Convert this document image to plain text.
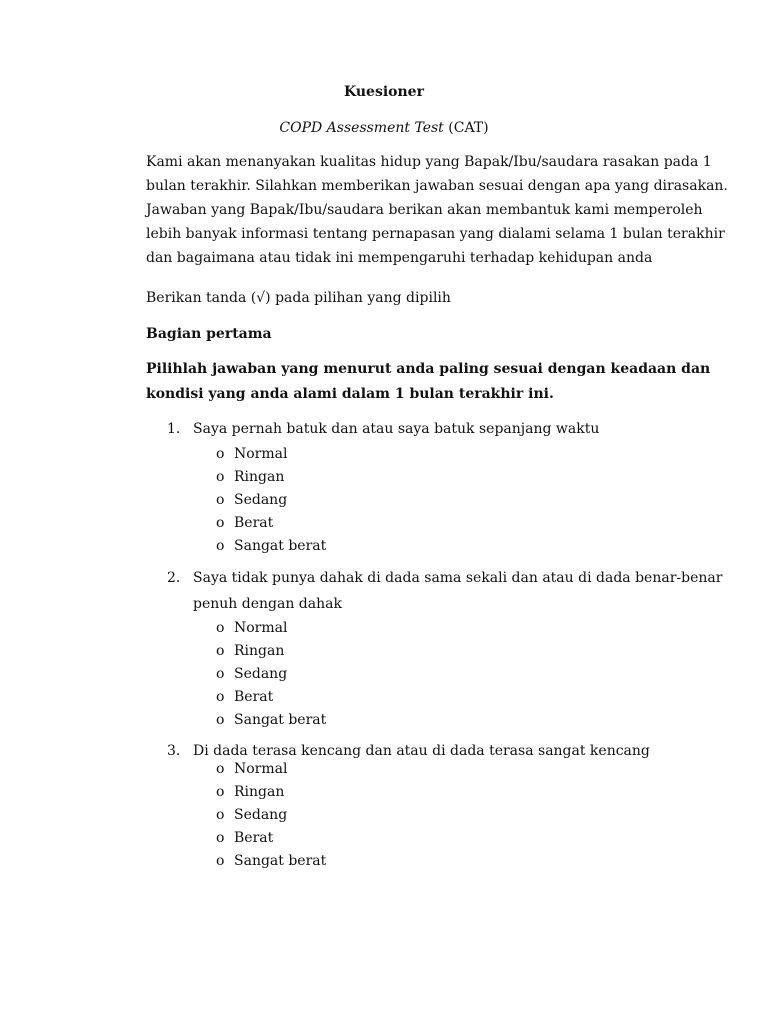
Kuesioner
COPD Assessment Test (CAT)
Kami akan menanyakan kualitas hidup yang Bapak/Ibu/saudara rasakan pada 1
bulan terakhir. Silahkan memberikan jawaban sesuai dengan apa yang dirasakan.
Jawaban yang Bapak/Ibu/saudara berikan akan membantuk kami memperoleh
lebih banyak informasi tentang pernapasan yang dialami selama 1 bulan terakhir
dan bagaimana atau tidak ini mempengaruhi terhadap kehidupan anda
Berikan tanda (√) pada pilihan yang dipilih
Bagian pertama
Pilihlah jawaban yang menurut anda paling sesuai dengan keadaan dan
kondisi yang anda alami dalam 1 bulan terakhir ini.
1. Saya pernah batuk dan atau saya batuk sepanjang waktu
o Normal
o Ringan
o Sedang
o Berat
o Sangat berat
2. Saya tidak punya dahak di dada sama sekali dan atau di dada benar-benar
penuh dengan dahak
o Normal
o Ringan
o Sedang
o Berat
o Sangat berat
3. Di dada terasa kencang dan atau di dada terasa sangat kencang
o Normal
o Ringan
o Sedang
o Berat
o Sangat berat
